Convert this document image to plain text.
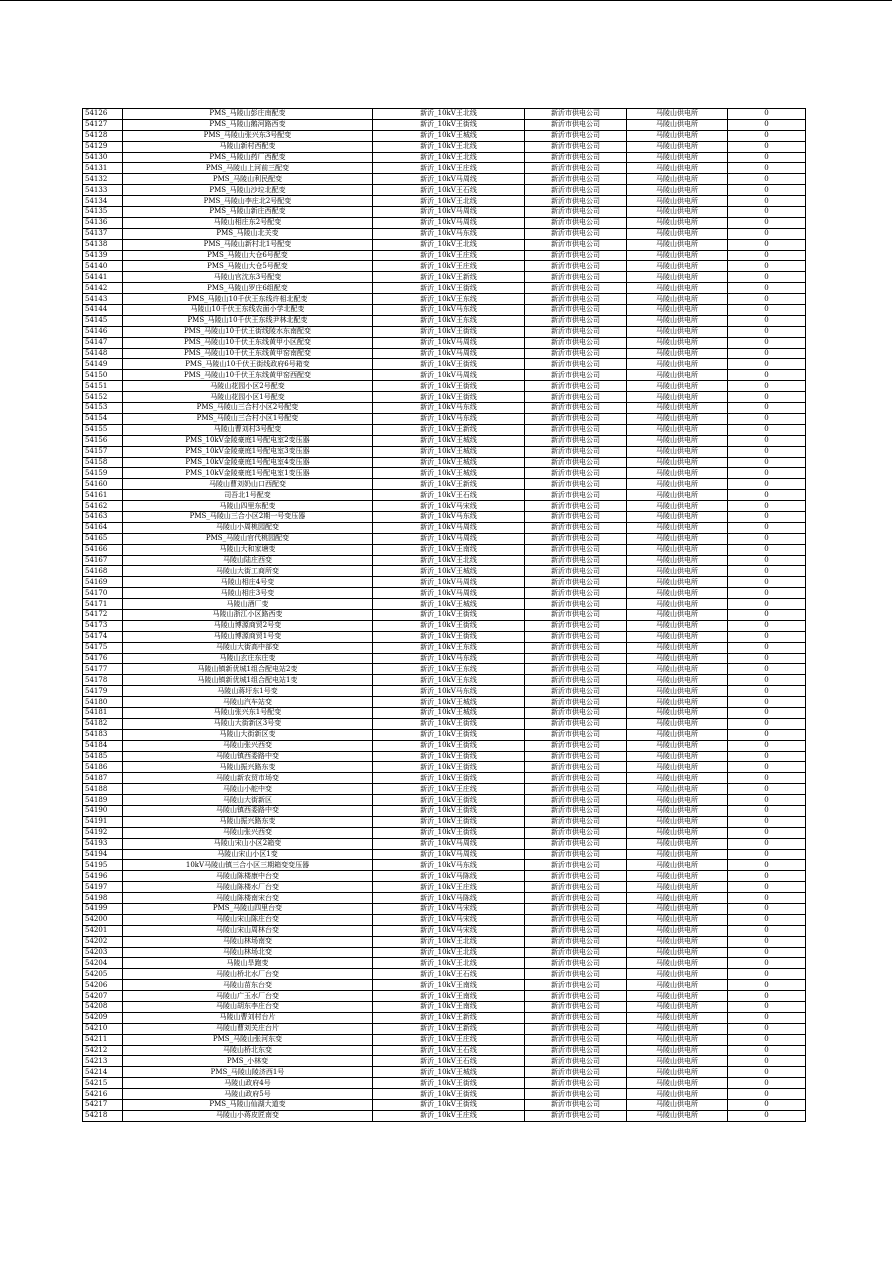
54126	PMS_马陵山彭庄南配变	新沂_10kV王北线	新沂市供电公司	马陵山供电所	0
54127	PMS_马陵山鹅河路西变	新沂_10kV王街线	新沂市供电公司	马陵山供电所	0
54128	PMS_马陵山张兴东3号配变	新沂_10kV王城线	新沂市供电公司	马陵山供电所	0
54129	马陵山新村西配变	新沂_10kV王北线	新沂市供电公司	马陵山供电所	0
54130	PMS_马陵山药厂西配变	新沂_10kV王北线	新沂市供电公司	马陵山供电所	0
54131	PMS_马陵山上河前三配变	新沂_10kV王庄线	新沂市供电公司	马陵山供电所	0
54132	PMS_马陵山利民配变	新沂_10kV马周线	新沂市供电公司	马陵山供电所	0
54133	PMS_马陵山沙垃北配变	新沂_10kV王石线	新沂市供电公司	马陵山供电所	0
54134	PMS_马陵山李庄北2号配变	新沂_10kV王北线	新沂市供电公司	马陵山供电所	0
54135	PMS_马陵山新庄西配变	新沂_10kV马周线	新沂市供电公司	马陵山供电所	0
54136	马陵山相庄东2号配变	新沂_10kV马周线	新沂市供电公司	马陵山供电所	0
54137	PMS_马陵山北关变	新沂_10kV马东线	新沂市供电公司	马陵山供电所	0
54138	PMS_马陵山新村北1号配变	新沂_10kV王北线	新沂市供电公司	马陵山供电所	0
54139	PMS_马陵山大仓6号配变	新沂_10kV王庄线	新沂市供电公司	马陵山供电所	0
54140	PMS_马陵山大仓5号配变	新沂_10kV王庄线	新沂市供电公司	马陵山供电所	0
54141	马陵山官沈东3号配变	新沂_10kV王新线	新沂市供电公司	马陵山供电所	0
54142	PMS_马陵山罗庄6组配变	新沂_10kV王街线	新沂市供电公司	马陵山供电所	0
54143	PMS_马陵山10千伏王东线许相北配变	新沂_10kV王东线	新沂市供电公司	马陵山供电所	0
54144	马陵山10千伏王东线农面小学北配变	新沂_10kV马东线	新沂市供电公司	马陵山供电所	0
54145	PMS_马陵山10千伏王东线尹林北配变	新沂_10kV王东线	新沂市供电公司	马陵山供电所	0
54146	PMS_马陵山10千伏王街线陵水东南配变	新沂_10kV王街线	新沂市供电公司	马陵山供电所	0
54147	PMS_马陵山10千伏王东线黄甲小区配变	新沂_10kV马周线	新沂市供电公司	马陵山供电所	0
54148	PMS_马陵山10千伏王东线黄甲窑南配变	新沂_10kV马周线	新沂市供电公司	马陵山供电所	0
54149	PMS_马陵山10千伏王街线政府6号箱变	新沂_10kV王街线	新沂市供电公司	马陵山供电所	0
54150	PMS_马陵山10千伏王东线黄甲窑西配变	新沂_10kV马周线	新沂市供电公司	马陵山供电所	0
54151	马陵山花园小区2号配变	新沂_10kV王街线	新沂市供电公司	马陵山供电所	0
54152	马陵山花园小区1号配变	新沂_10kV王街线	新沂市供电公司	马陵山供电所	0
54153	PMS_马陵山三合村小区2号配变	新沂_10kV马东线	新沂市供电公司	马陵山供电所	0
54154	PMS_马陵山三合村小区1号配变	新沂_10kV马东线	新沂市供电公司	马陵山供电所	0
54155	马陵山曹刘村3号配变	新沂_10kV王新线	新沂市供电公司	马陵山供电所	0
54156	PMS_10kV金陵豪庭1号配电室2变压器	新沂_10kV王城线	新沂市供电公司	马陵山供电所	0
54157	PMS_10kV金陵豪庭1号配电室3变压器	新沂_10kV王城线	新沂市供电公司	马陵山供电所	0
54158	PMS_10kV金陵豪庭1号配电室4变压器	新沂_10kV王城线	新沂市供电公司	马陵山供电所	0
54159	PMS_10kV金陵豪庭1号配电室1变压器	新沂_10kV王城线	新沂市供电公司	马陵山供电所	0
54160	马陵山曹刘奶山口西配变	新沂_10kV王新线	新沂市供电公司	马陵山供电所	0
54161	司吾北1号配变	新沂_10kV王石线	新沂市供电公司	马陵山供电所	0
54162	马陵山四里东配变	新沂_10kV马宋线	新沂市供电公司	马陵山供电所	0
54163	PMS_马陵山三合小区2期一号变压器	新沂_10kV马东线	新沂市供电公司	马陵山供电所	0
54164	马陵山小周桃园配变	新沂_10kV马周线	新沂市供电公司	马陵山供电所	0
54165	PMS_马陵山官代桃园配变	新沂_10kV马周线	新沂市供电公司	马陵山供电所	0
54166	马陵山大和家塘变	新沂_10kV王南线	新沂市供电公司	马陵山供电所	0
54167	马陵山陆庄西变	新沂_10kV王北线	新沂市供电公司	马陵山供电所	0
54168	马陵山大街工商所变	新沂_10kV王城线	新沂市供电公司	马陵山供电所	0
54169	马陵山相庄4号变	新沂_10kV马周线	新沂市供电公司	马陵山供电所	0
54170	马陵山相庄3号变	新沂_10kV马周线	新沂市供电公司	马陵山供电所	0
54171	马陵山酒厂变	新沂_10kV王城线	新沂市供电公司	马陵山供电所	0
54172	马陵山浙江小区路西变	新沂_10kV王街线	新沂市供电公司	马陵山供电所	0
54173	马陵山博源商贸2号变	新沂_10kV王街线	新沂市供电公司	马陵山供电所	0
54174	马陵山博源商贸1号变	新沂_10kV王街线	新沂市供电公司	马陵山供电所	0
54175	马陵山大街高中部变	新沂_10kV王东线	新沂市供电公司	马陵山供电所	0
54176	马陵山玄庄东庄变	新沂_10kV马东线	新沂市供电公司	马陵山供电所	0
54177	马陵山镇新优城1组合配电站2变	新沂_10kV王东线	新沂市供电公司	马陵山供电所	0
54178	马陵山镇新优城1组合配电站1变	新沂_10kV王东线	新沂市供电公司	马陵山供电所	0
54179	马陵山蒋圩东1号变	新沂_10kV马东线	新沂市供电公司	马陵山供电所	0
54180	马陵山汽车站变	新沂_10kV王城线	新沂市供电公司	马陵山供电所	0
54181	马陵山张兴东1号配变	新沂_10kV王城线	新沂市供电公司	马陵山供电所	0
54182	马陵山大街新区3号变	新沂_10kV王街线	新沂市供电公司	马陵山供电所	0
54183	马陵山大街新区变	新沂_10kV王街线	新沂市供电公司	马陵山供电所	0
54184	马陵山张兴西变	新沂_10kV王街线	新沂市供电公司	马陵山供电所	0
54185	马陵山镇西委路中变	新沂_10kV王街线	新沂市供电公司	马陵山供电所	0
54186	马陵山振兴路东变	新沂_10kV王街线	新沂市供电公司	马陵山供电所	0
54187	马陵山新农贸市场变	新沂_10kV王街线	新沂市供电公司	马陵山供电所	0
54188	马陵山小舵中变	新沂_10kV王庄线	新沂市供电公司	马陵山供电所	0
54189	马陵山大街新区	新沂_10kV王街线	新沂市供电公司	马陵山供电所	0
54190	马陵山镇西委路中变	新沂_10kV王街线	新沂市供电公司	马陵山供电所	0
54191	马陵山振兴路东变	新沂_10kV王街线	新沂市供电公司	马陵山供电所	0
54192	马陵山张兴西变	新沂_10kV王街线	新沂市供电公司	马陵山供电所	0
54193	马陵山宋山小区2箱变	新沂_10kV马周线	新沂市供电公司	马陵山供电所	0
54194	马陵山宋山小区1变	新沂_10kV马周线	新沂市供电公司	马陵山供电所	0
54195	10kV马陵山镇三合小区三期箱变变压器	新沂_10kV马东线	新沂市供电公司	马陵山供电所	0
54196	马陵山陈楼康中台变	新沂_10kV马陈线	新沂市供电公司	马陵山供电所	0
54197	马陵山陈楼水厂台变	新沂_10kV王庄线	新沂市供电公司	马陵山供电所	0
54198	马陵山陈楼南宋台变	新沂_10kV马陈线	新沂市供电公司	马陵山供电所	0
54199	PMS_马陵山四里台变	新沂_10kV马宋线	新沂市供电公司	马陵山供电所	0
54200	马陵山宋山陈庄台变	新沂_10kV马宋线	新沂市供电公司	马陵山供电所	0
54201	马陵山宋山周林台变	新沂_10kV马宋线	新沂市供电公司	马陵山供电所	0
54202	马陵山林场南变	新沂_10kV王北线	新沂市供电公司	马陵山供电所	0
54203	马陵山林场北变	新沂_10kV王北线	新沂市供电公司	马陵山供电所	0
54204	马陵山旱跑变	新沂_10kV王北线	新沂市供电公司	马陵山供电所	0
54205	马陵山桥北水厂台变	新沂_10kV王石线	新沂市供电公司	马陵山供电所	0
54206	马陵山苗东台变	新沂_10kV王南线	新沂市供电公司	马陵山供电所	0
54207	马陵山广玉水厂台变	新沂_10kV王南线	新沂市供电公司	马陵山供电所	0
54208	马陵山胡东李庄台变	新沂_10kV王南线	新沂市供电公司	马陵山供电所	0
54209	马陵山曹刘村台片	新沂_10kV王新线	新沂市供电公司	马陵山供电所	0
54210	马陵山曹刘关庄台片	新沂_10kV王新线	新沂市供电公司	马陵山供电所	0
54211	PMS_马陵山张河东变	新沂_10kV王庄线	新沂市供电公司	马陵山供电所	0
54212	马陵山桥北东变	新沂_10kV王石线	新沂市供电公司	马陵山供电所	0
54213	PMS_小林变	新沂_10kV王石线	新沂市供电公司	马陵山供电所	0
54214	PMS_马陵山陵济西1号	新沂_10kV王城线	新沂市供电公司	马陵山供电所	0
54215	马陵山政府4号	新沂_10kV王街线	新沂市供电公司	马陵山供电所	0
54216	马陵山政府5号	新沂_10kV王街线	新沂市供电公司	马陵山供电所	0
54217	PMS_马陵山仙湖大道变	新沂_10kV王街线	新沂市供电公司	马陵山供电所	0
54218	马陵山小蒋皮匠南变	新沂_10kV王庄线	新沂市供电公司	马陵山供电所	0
